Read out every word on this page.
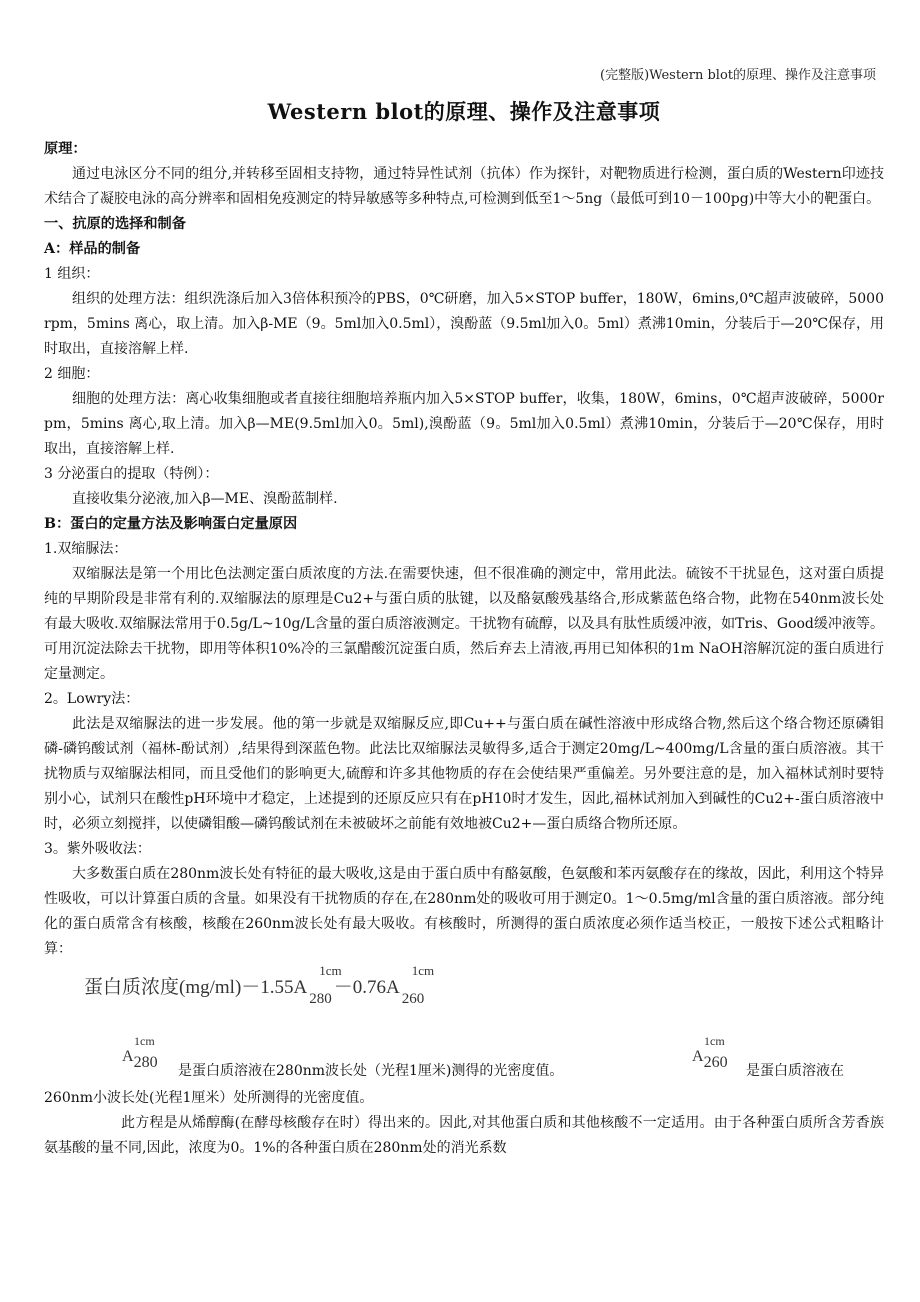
(完整版)Western blot的原理、操作及注意事项
Western blot的原理、操作及注意事项

原理：

通过电泳区分不同的组分,并转移至固相支持物，通过特异性试剂（抗体）作为探针，对靶物质进行检测，蛋白质的Western印迹技术结合了凝胶电泳的高分辨率和固相免疫测定的特异敏感等多种特点,可检测到低至1～5ng（最低可到10－100pg)中等大小的靶蛋白。

一、抗原的选择和制备

A：样品的制备

1 组织：

组织的处理方法：组织洗涤后加入3倍体积预冷的PBS，0℃研磨，加入5×STOP buffer，180W，6mins,0℃超声波破碎，5000rpm，5mins 离心，取上清。加入β-ME（9。5ml加入0.5ml），溴酚蓝（9.5ml加入0。5ml）煮沸10min，分装后于—20℃保存，用时取出，直接溶解上样.

2 细胞：

细胞的处理方法：离心收集细胞或者直接往细胞培养瓶内加入5×STOP buffer，收集，180W，6mins，0℃超声波破碎，5000rpm，5mins 离心,取上清。加入β—ME(9.5ml加入0。5ml),溴酚蓝（9。5ml加入0.5ml）煮沸10min，分装后于—20℃保存，用时取出，直接溶解上样.

3 分泌蛋白的提取（特例）：

直接收集分泌液,加入β—ME、溴酚蓝制样.

B：蛋白的定量方法及影响蛋白定量原因

1.双缩脲法：

双缩脲法是第一个用比色法测定蛋白质浓度的方法.在需要快速，但不很准确的测定中，常用此法。硫铵不干扰显色，这对蛋白质提纯的早期阶段是非常有利的.双缩脲法的原理是Cu2+与蛋白质的肽键，以及酪氨酸残基络合,形成紫蓝色络合物，此物在540nm波长处有最大吸收.双缩脲法常用于0.5g/L~10g/L含量的蛋白质溶液测定。干扰物有硫醇，以及具有肽性质缓冲液，如Tris、Good缓冲液等。可用沉淀法除去干扰物，即用等体积10%冷的三氯醋酸沉淀蛋白质，然后弃去上清液,再用已知体积的1m NaOH溶解沉淀的蛋白质进行定量测定。

2。Lowry法：

此法是双缩脲法的进一步发展。他的第一步就是双缩脲反应,即Cu++与蛋白质在碱性溶液中形成络合物,然后这个络合物还原磷钼磷-磷钨酸试剂（福林-酚试剂）,结果得到深蓝色物。此法比双缩脲法灵敏得多,适合于测定20mg/L~400mg/L含量的蛋白质溶液。其干扰物质与双缩脲法相同，而且受他们的影响更大,硫醇和许多其他物质的存在会使结果严重偏差。另外要注意的是，加入福林试剂时要特别小心，试剂只在酸性pH环境中才稳定，上述提到的还原反应只有在pH10时才发生，因此,福林试剂加入到碱性的Cu2+-蛋白质溶液中时，必须立刻搅拌，以使磷钼酸—磷钨酸试剂在未被破坏之前能有效地被Cu2+—蛋白质络合物所还原。

3。紫外吸收法：

大多数蛋白质在280nm波长处有特征的最大吸收,这是由于蛋白质中有酪氨酸，色氨酸和苯丙氨酸存在的缘故，因此，利用这个特异性吸收，可以计算蛋白质的含量。如果没有干扰物质的存在,在280nm处的吸收可用于测定0。1～0.5mg/ml含量的蛋白质溶液。部分纯化的蛋白质常含有核酸，核酸在260nm波长处有最大吸收。有核酸时，所测得的蛋白质浓度必须作适当校正，一般按下述公式粗略计算：

蛋白质浓度(mg/ml)－1.55A
1cm
$_{280}$－0.76A
1cm
$_{260}$
A
1cm
280 是蛋白质溶液在280nm波长处（光程1厘米)测得的光密度值。
A
1cm
260 是蛋白质溶液在

260nm小波长处(光程1厘米）处所测得的光密度值。

此方程是从烯醇酶(在酵母核酸存在时）得出来的。因此,对其他蛋白质和其他核酸不一定适用。由于各种蛋白质所含芳香族氨基酸的量不同,因此，浓度为0。1%的各种蛋白质在280nm处的消光系数
